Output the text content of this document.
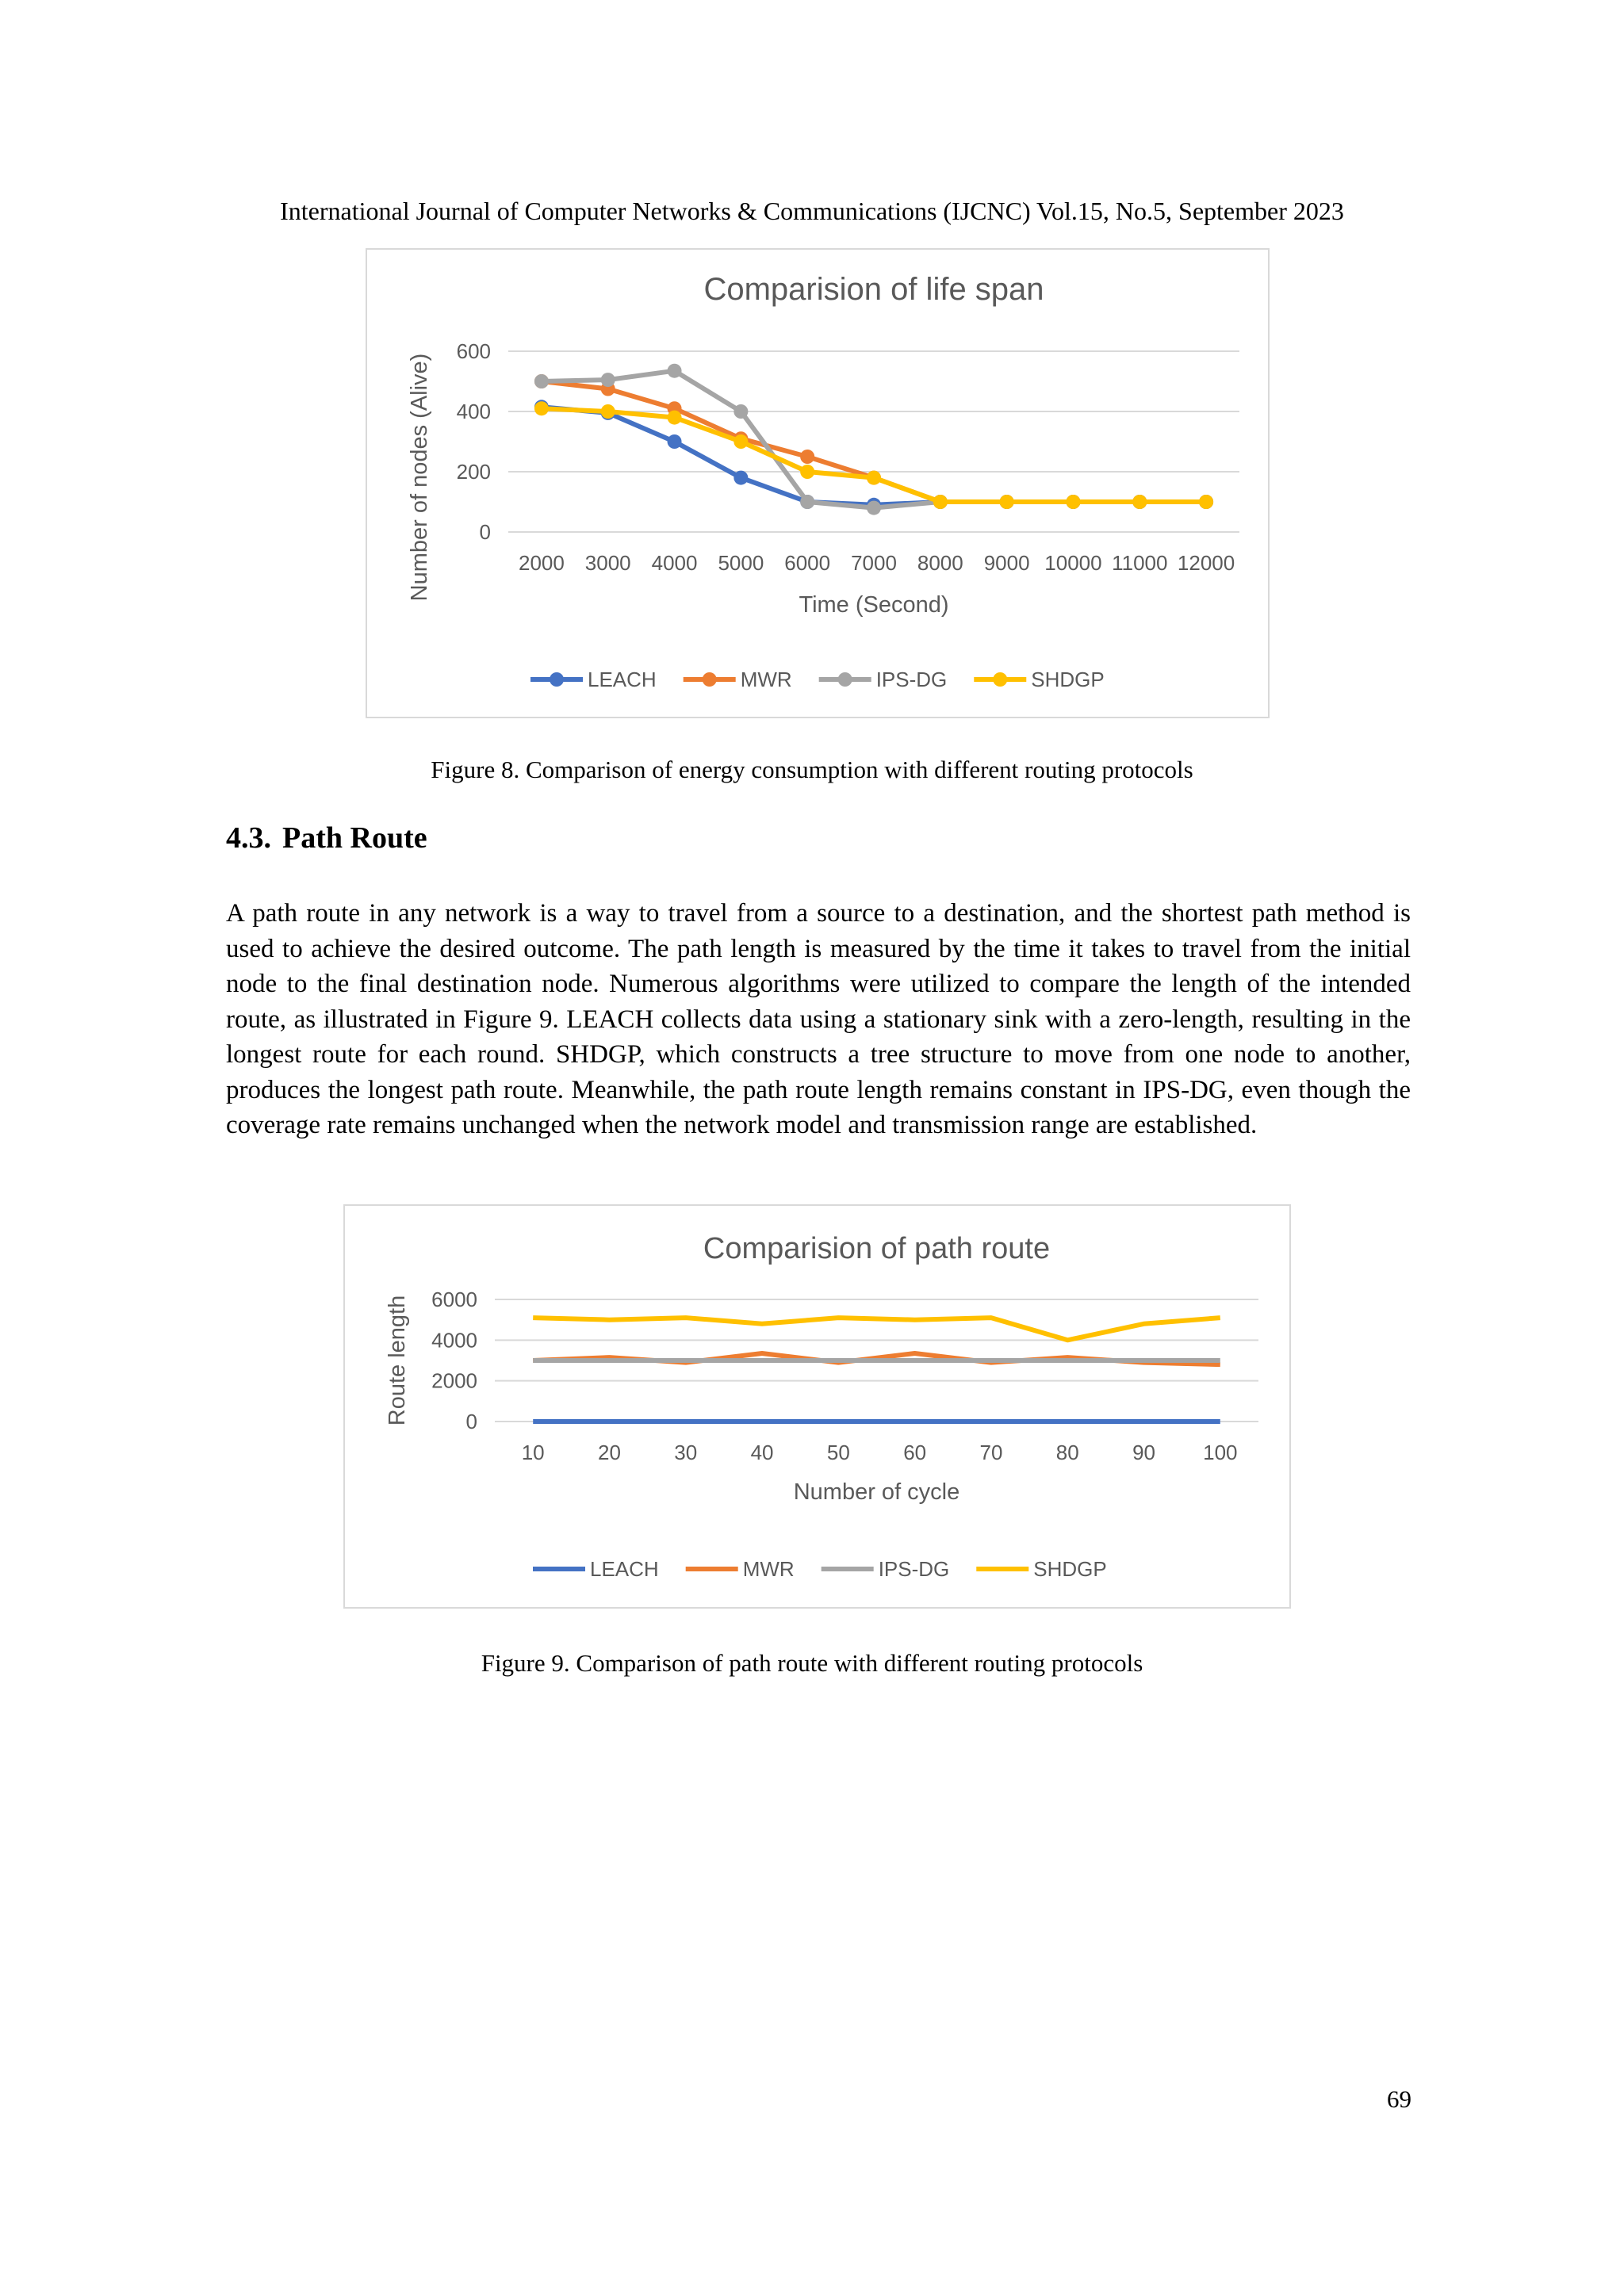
International Journal of Computer Networks & Communications (IJCNC) Vol.15, No.5, September 2023
Comparision of life span
0
200
400
600
2000 3000 4000 5000 6000 7000 8000 9000 10000 11000 12000
Time (Second)
Number of nodes (Alive)
LEACH	MWR	IPS-DG	SHDGP
Figure 8. Comparison of energy consumption with different routing protocols
4.3. Path Route
A path route in any network is a way to travel from a source to a destination, and the shortest path method is used to achieve the desired outcome. The path length is measured by the time it takes to travel from the initial node to the final destination node. Numerous algorithms were utilized to compare the length of the intended route, as illustrated in Figure 9. LEACH collects data using a stationary sink with a zero-length, resulting in the longest route for each round. SHDGP, which constructs a tree structure to move from one node to another, produces the longest path route. Meanwhile, the path route length remains constant in IPS-DG, even though the coverage rate remains unchanged when the network model and transmission range are established.
Comparision of path route
0
2000
4000
6000
10	20	30	40	50	60	70	80	90 100
Number of cycle
Route length
LEACH	MWR	IPS-DG	SHDGP
Figure 9. Comparison of path route with different routing protocols
69
